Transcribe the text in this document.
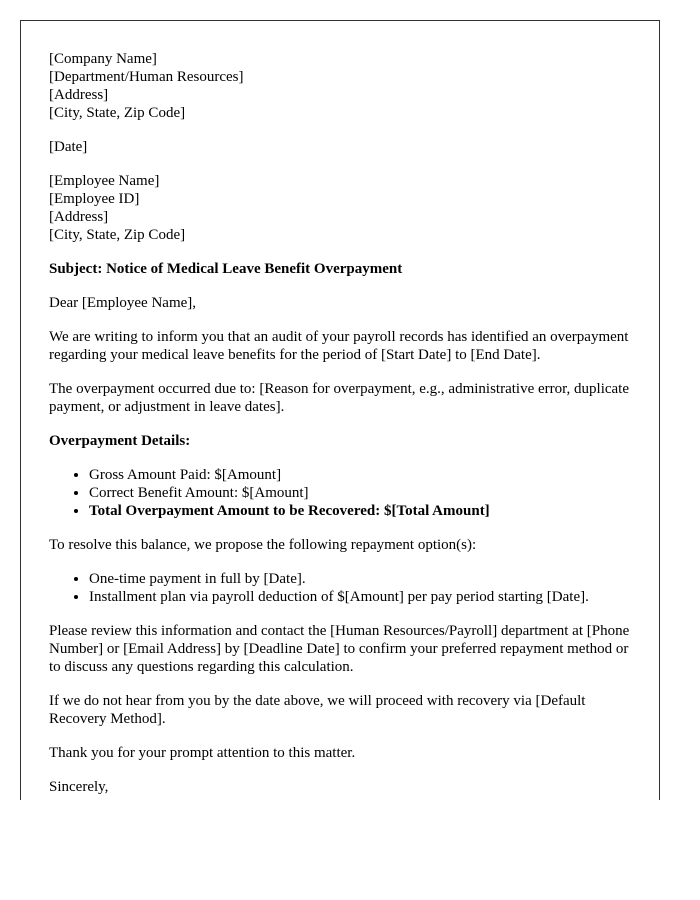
[Company Name]
[Department/Human Resources]
[Address]
[City, State, Zip Code]
[Date]
[Employee Name]
[Employee ID]
[Address]
[City, State, Zip Code]
Subject: Notice of Medical Leave Benefit Overpayment

Dear [Employee Name],

We are writing to inform you that an audit of your payroll records has identified an overpayment regarding your medical leave benefits for the period of [Start Date] to [End Date].

The overpayment occurred due to: [Reason for overpayment, e.g., administrative error, duplicate payment, or adjustment in leave dates].

Overpayment Details:
• Gross Amount Paid: $[Amount]
• Correct Benefit Amount: $[Amount]
• Total Overpayment Amount to be Recovered: $[Total Amount]

To resolve this balance, we propose the following repayment option(s):

• One-time payment in full by [Date].
• Installment plan via payroll deduction of $[Amount] per pay period starting [Date].

Please review this information and contact the [Human Resources/Payroll] department at [Phone Number] or [Email Address] by [Deadline Date] to confirm your preferred repayment method or to discuss any questions regarding this calculation.

If we do not hear from you by the date above, we will proceed with recovery via [Default Recovery Method].

Thank you for your prompt attention to this matter.

Sincerely,
